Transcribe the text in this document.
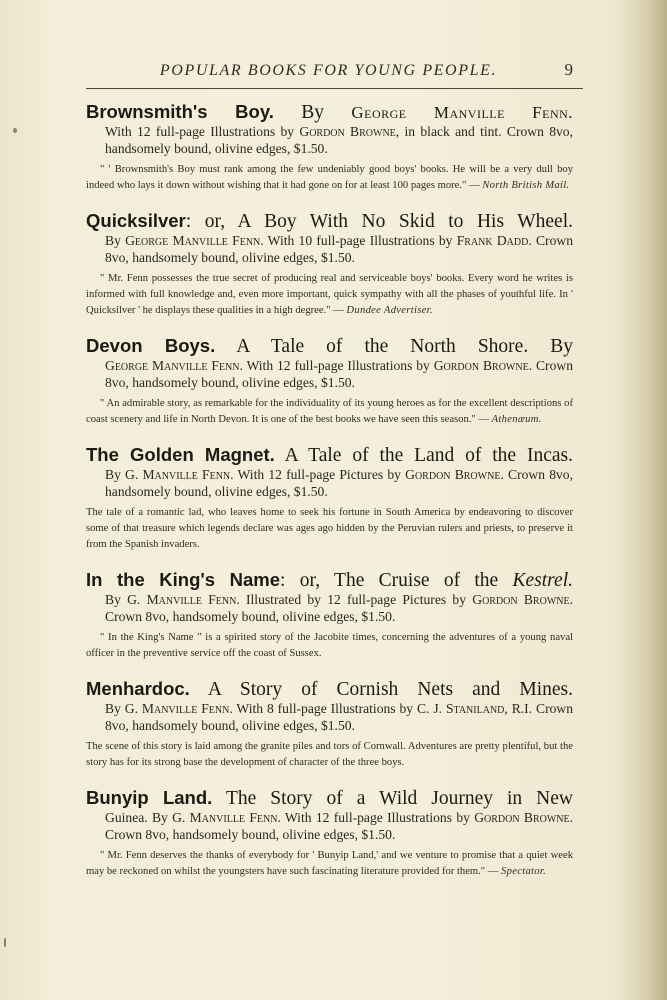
POPULAR BOOKS FOR YOUNG PEOPLE.	9
Brownsmith's Boy. By George Manville Fenn.
With 12 full-page Illustrations by Gordon Browne, in black and tint. Crown 8vo, handsomely bound, olivine edges, $1.50.
" ' Brownsmith's Boy must rank among the few undeniably good boys' books. He will be a very dull boy indeed who lays it down without wishing that it had gone on for at least 100 pages more." — North British Mail.
Quicksilver: or, A Boy With No Skid to His Wheel.
By George Manville Fenn. With 10 full-page Illustrations by Frank Dadd. Crown 8vo, handsomely bound, olivine edges, $1.50.
" Mr. Fenn possesses the true secret of producing real and serviceable boys' books. Every word he writes is informed with full knowledge and, even more important, quick sympathy with all the phases of youthful life. In ' Quicksilver ' he displays these qualities in a high degree." — Dundee Advertiser.
Devon Boys. A Tale of the North Shore. By
George Manville Fenn. With 12 full-page Illustrations by Gordon Browne. Crown 8vo, handsomely bound, olivine edges, $1.50.
" An admirable story, as remarkable for the individuality of its young heroes as for the excellent descriptions of coast scenery and life in North Devon. It is one of the best books we have seen this season." — Athenæum.
The Golden Magnet. A Tale of the Land of the Incas.
By G. Manville Fenn. With 12 full-page Pictures by Gordon Browne. Crown 8vo, handsomely bound, olivine edges, $1.50.
The tale of a romantic lad, who leaves home to seek his fortune in South America by endeavoring to discover some of that treasure which legends declare was ages ago hidden by the Peruvian rulers and priests, to preserve it from the Spanish invaders.
In the King's Name: or, The Cruise of the Kestrel.
By G. Manville Fenn. Illustrated by 12 full-page Pictures by Gordon Browne. Crown 8vo, handsomely bound, olivine edges, $1.50.
" In the King's Name " is a spirited story of the Jacobite times, concerning the adventures of a young naval officer in the preventive service off the coast of Sussex.
Menhardoc. A Story of Cornish Nets and Mines.
By G. Manville Fenn. With 8 full-page Illustrations by C. J. Staniland, R.I. Crown 8vo, handsomely bound, olivine edges, $1.50.
The scene of this story is laid among the granite piles and tors of Cornwall. Adventures are pretty plentiful, but the story has for its strong base the development of character of the three boys.
Bunyip Land. The Story of a Wild Journey in New
Guinea. By G. Manville Fenn. With 12 full-page Illustrations by Gordon Browne. Crown 8vo, handsomely bound, olivine edges, $1.50.
" Mr. Fenn deserves the thanks of everybody for ' Bunyip Land,' and we venture to promise that a quiet week may be reckoned on whilst the youngsters have such fascinating literature provided for them." — Spectator.
